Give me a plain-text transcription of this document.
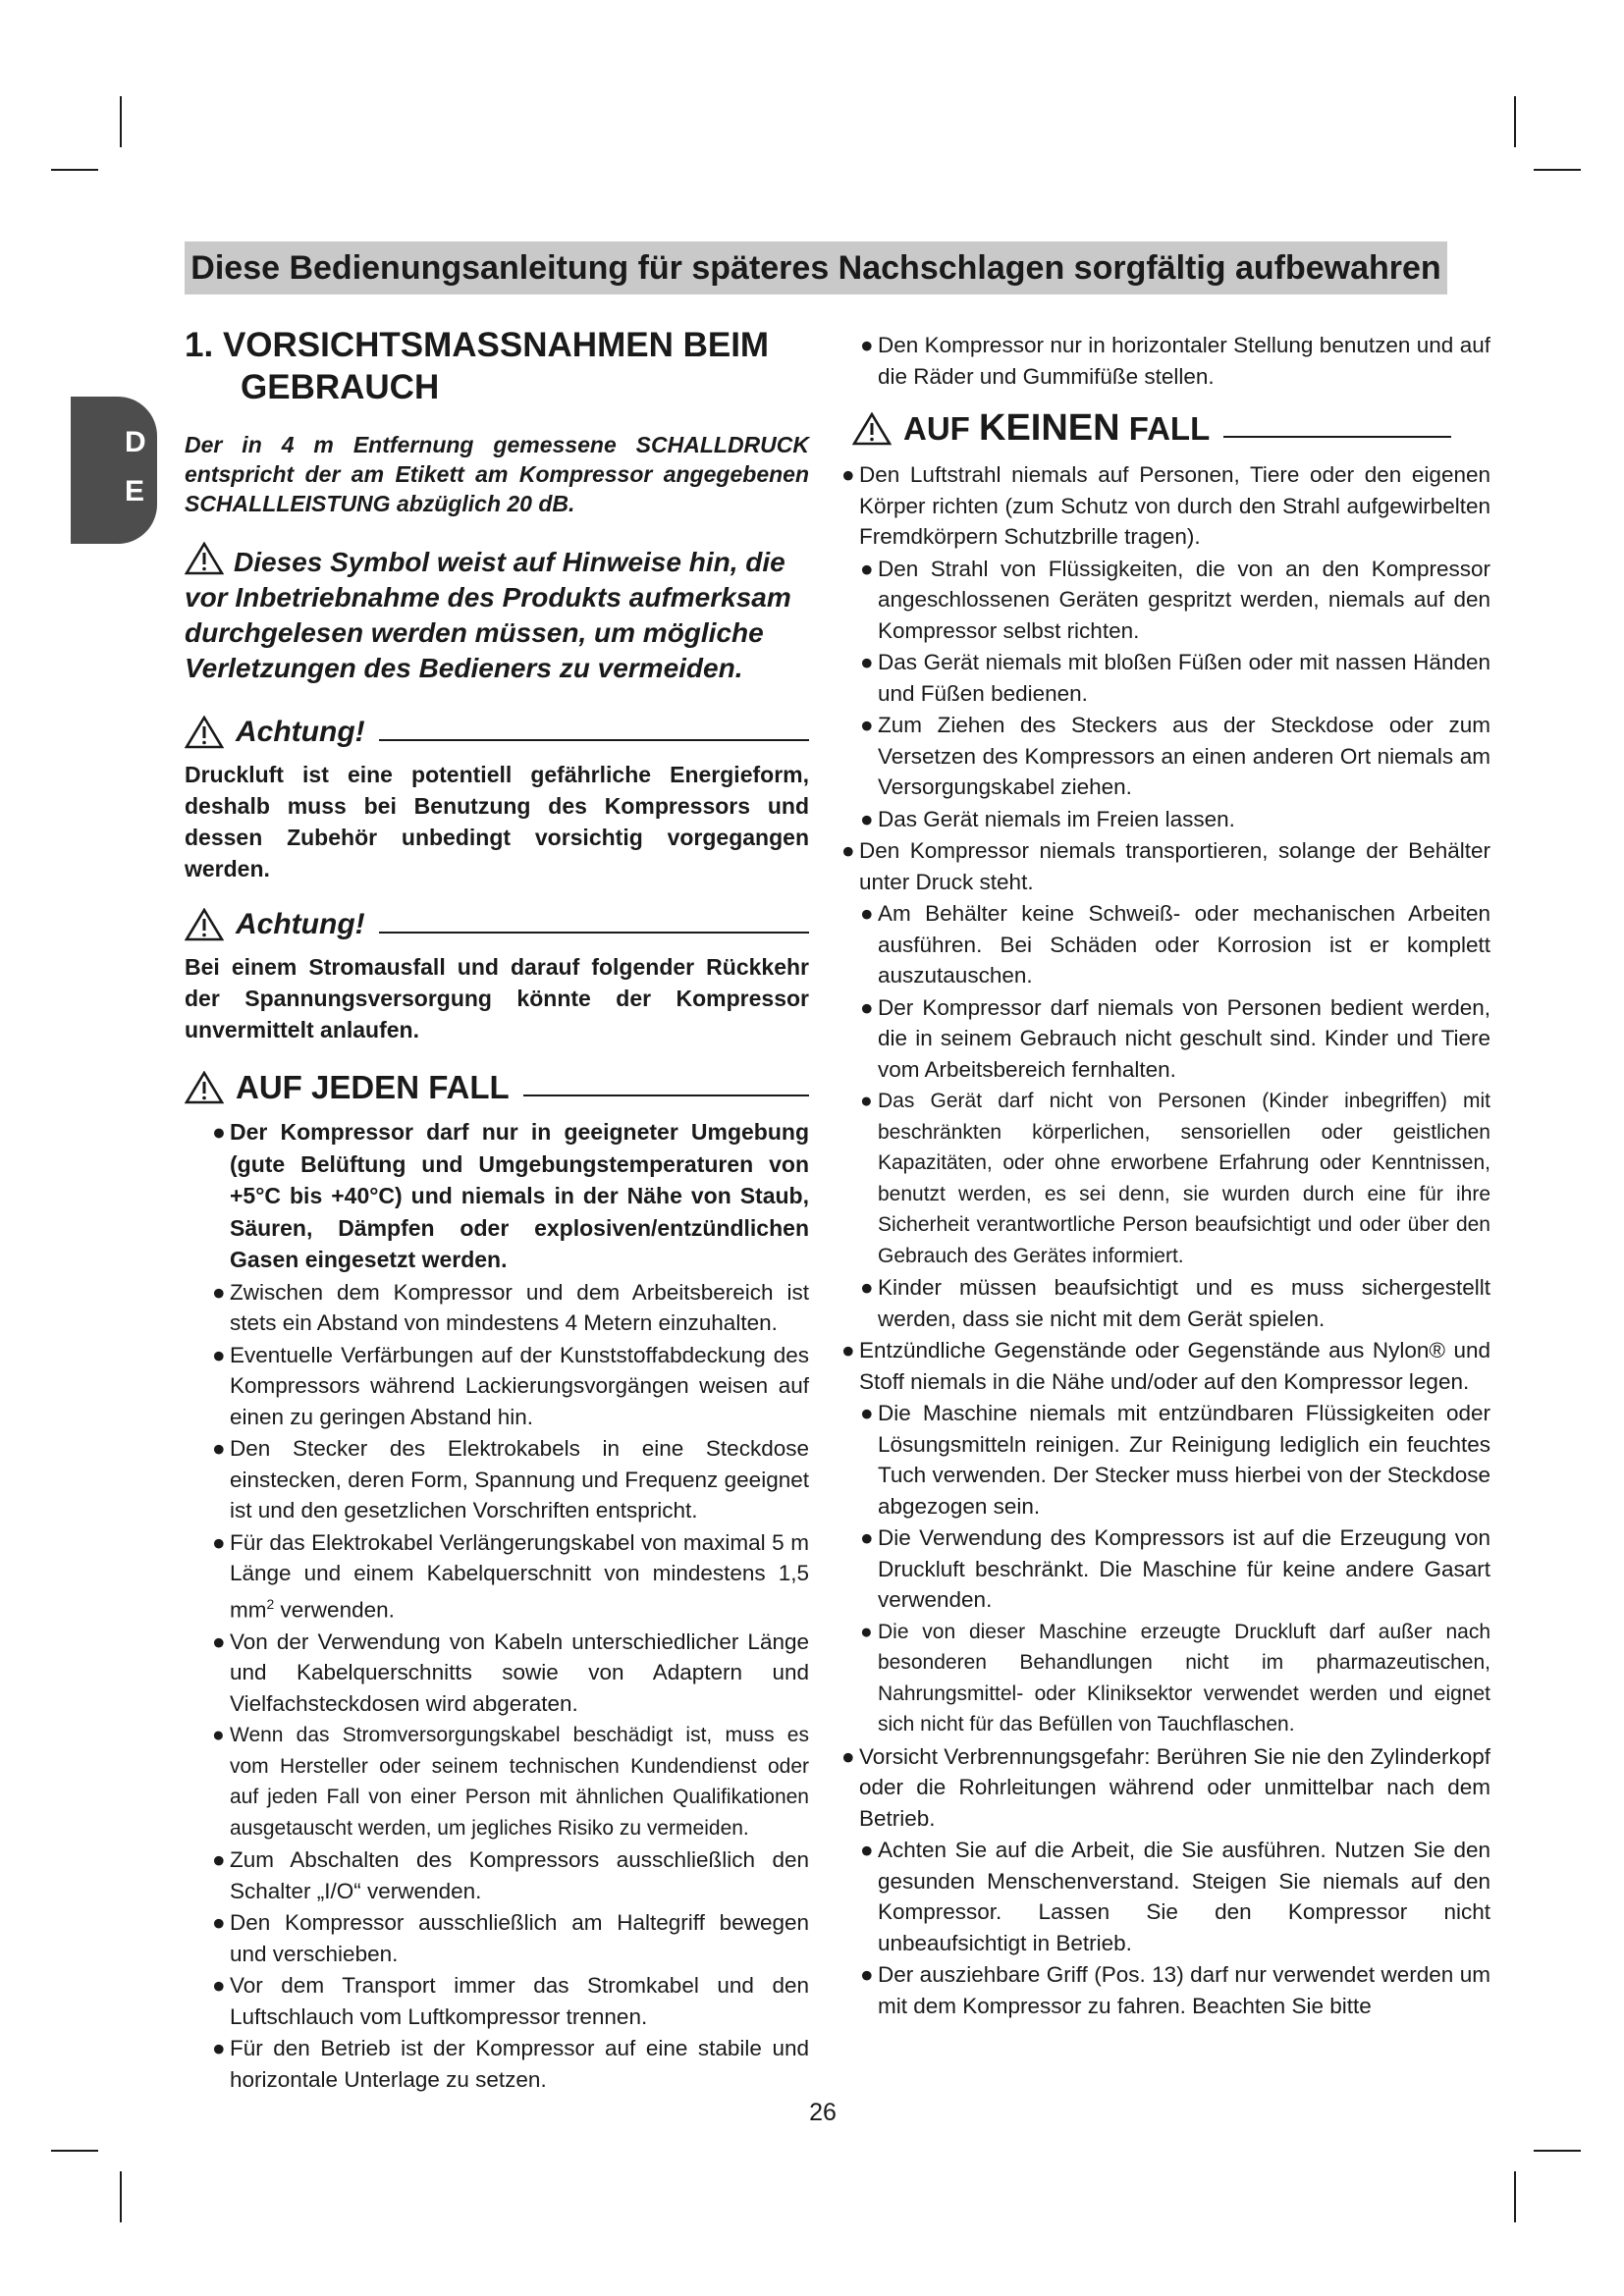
Diese Bedienungsanleitung für späteres Nachschlagen sorgfältig aufbewahren
D
E
1. VORSICHTSMASSNAHMEN BEIM
GEBRAUCH

Der in 4 m Entfernung gemessene SCHALLDRUCK entspricht der am Etikett am Kompressor angegebenen SCHALLLEISTUNG abzüglich 20 dB.

Dieses Symbol weist auf Hinweise hin, die vor Inbetriebnahme des Produkts aufmerksam durchgelesen werden müssen, um mögliche Verletzungen des Bedieners zu vermeiden.

Achtung!

Druckluft ist eine potentiell gefährliche Energieform, deshalb muss bei Benutzung des Kompressors und dessen Zubehör unbedingt vorsichtig vorgegangen werden.

Achtung!

Bei einem Stromausfall und darauf folgender Rückkehr der Spannungsversorgung könnte der Kompressor unvermittelt anlaufen.

AUF JEDEN FALL
● Der Kompressor darf nur in geeigneter Umgebung (gute Belüftung und Umgebungstemperaturen von +5°C bis +40°C) und niemals in der Nähe von Staub, Säuren, Dämpfen oder explosiven/entzündlichen Gasen eingesetzt werden.
● Zwischen dem Kompressor und dem Arbeitsbereich ist stets ein Abstand von mindestens 4 Metern einzuhalten.
● Eventuelle Verfärbungen auf der Kunststoffabdeckung des Kompressors während Lackierungsvorgängen weisen auf einen zu geringen Abstand hin.
● Den Stecker des Elektrokabels in eine Steckdose einstecken, deren Form, Spannung und Frequenz geeignet ist und den gesetzlichen Vorschriften entspricht.
● Für das Elektrokabel Verlängerungskabel von maximal 5 m Länge und einem Kabelquerschnitt von mindestens 1,5 $mm^2$ verwenden.
● Von der Verwendung von Kabeln unterschiedlicher Länge und Kabelquerschnitts sowie von Adaptern und Vielfachsteckdosen wird abgeraten.
● Wenn das Stromversorgungskabel beschädigt ist, muss es vom Hersteller oder seinem technischen Kundendienst oder auf jeden Fall von einer Person mit ähnlichen Qualifikationen ausgetauscht werden, um jegliches Risiko zu vermeiden.
● Zum Abschalten des Kompressors ausschließlich den Schalter „I/O“ verwenden.
● Den Kompressor ausschließlich am Haltegriff bewegen und verschieben.
● Vor dem Transport immer das Stromkabel und den Luftschlauch vom Luftkompressor trennen.
● Für den Betrieb ist der Kompressor auf eine stabile und horizontale Unterlage zu setzen.
● Den Kompressor nur in horizontaler Stellung benutzen und auf die Räder und Gummifüße stellen.
AUF KEINEN FALL
● Den Luftstrahl niemals auf Personen, Tiere oder den eigenen Körper richten (zum Schutz von durch den Strahl aufgewirbelten Fremdkörpern Schutzbrille tragen).
● Den Strahl von Flüssigkeiten, die von an den Kompressor angeschlossenen Geräten gespritzt werden, niemals auf den Kompressor selbst richten.
● Das Gerät niemals mit bloßen Füßen oder mit nassen Händen und Füßen bedienen.
● Zum Ziehen des Steckers aus der Steckdose oder zum Versetzen des Kompressors an einen anderen Ort niemals am Versorgungskabel ziehen.
● Das Gerät niemals im Freien lassen.
● Den Kompressor niemals transportieren, solange der Behälter unter Druck steht.
● Am Behälter keine Schweiß- oder mechanischen Arbeiten ausführen. Bei Schäden oder Korrosion ist er komplett auszutauschen.
● Der Kompressor darf niemals von Personen bedient werden, die in seinem Gebrauch nicht geschult sind. Kinder und Tiere vom Arbeitsbereich fernhalten.
● Das Gerät darf nicht von Personen (Kinder inbegriffen) mit beschränkten körperlichen, sensoriellen oder geistlichen Kapazitäten, oder ohne erworbene Erfahrung oder Kenntnissen, benutzt werden, es sei denn, sie wurden durch eine für ihre Sicherheit verantwortliche Person beaufsichtigt und oder über den Gebrauch des Gerätes informiert.
● Kinder müssen beaufsichtigt und es muss sichergestellt werden, dass sie nicht mit dem Gerät spielen.
● Entzündliche Gegenstände oder Gegenstände aus Nylon® und Stoff niemals in die Nähe und/oder auf den Kompressor legen.
● Die Maschine niemals mit entzündbaren Flüssigkeiten oder Lösungsmitteln reinigen. Zur Reinigung lediglich ein feuchtes Tuch verwenden. Der Stecker muss hierbei von der Steckdose abgezogen sein.
● Die Verwendung des Kompressors ist auf die Erzeugung von Druckluft beschränkt. Die Maschine für keine andere Gasart verwenden.
● Die von dieser Maschine erzeugte Druckluft darf außer nach besonderen Behandlungen nicht im pharmazeutischen, Nahrungsmittel- oder Kliniksektor verwendet werden und eignet sich nicht für das Befüllen von Tauchflaschen.
● Vorsicht Verbrennungsgefahr: Berühren Sie nie den Zylinderkopf oder die Rohrleitungen während oder unmittelbar nach dem Betrieb.
● Achten Sie auf die Arbeit, die Sie ausführen. Nutzen Sie den gesunden Menschenverstand. Steigen Sie niemals auf den Kompressor. Lassen Sie den Kompressor nicht unbeaufsichtigt in Betrieb.
● Der ausziehbare Griff (Pos. 13) darf nur verwendet werden um mit dem Kompressor zu fahren. Beachten Sie bitte
26
